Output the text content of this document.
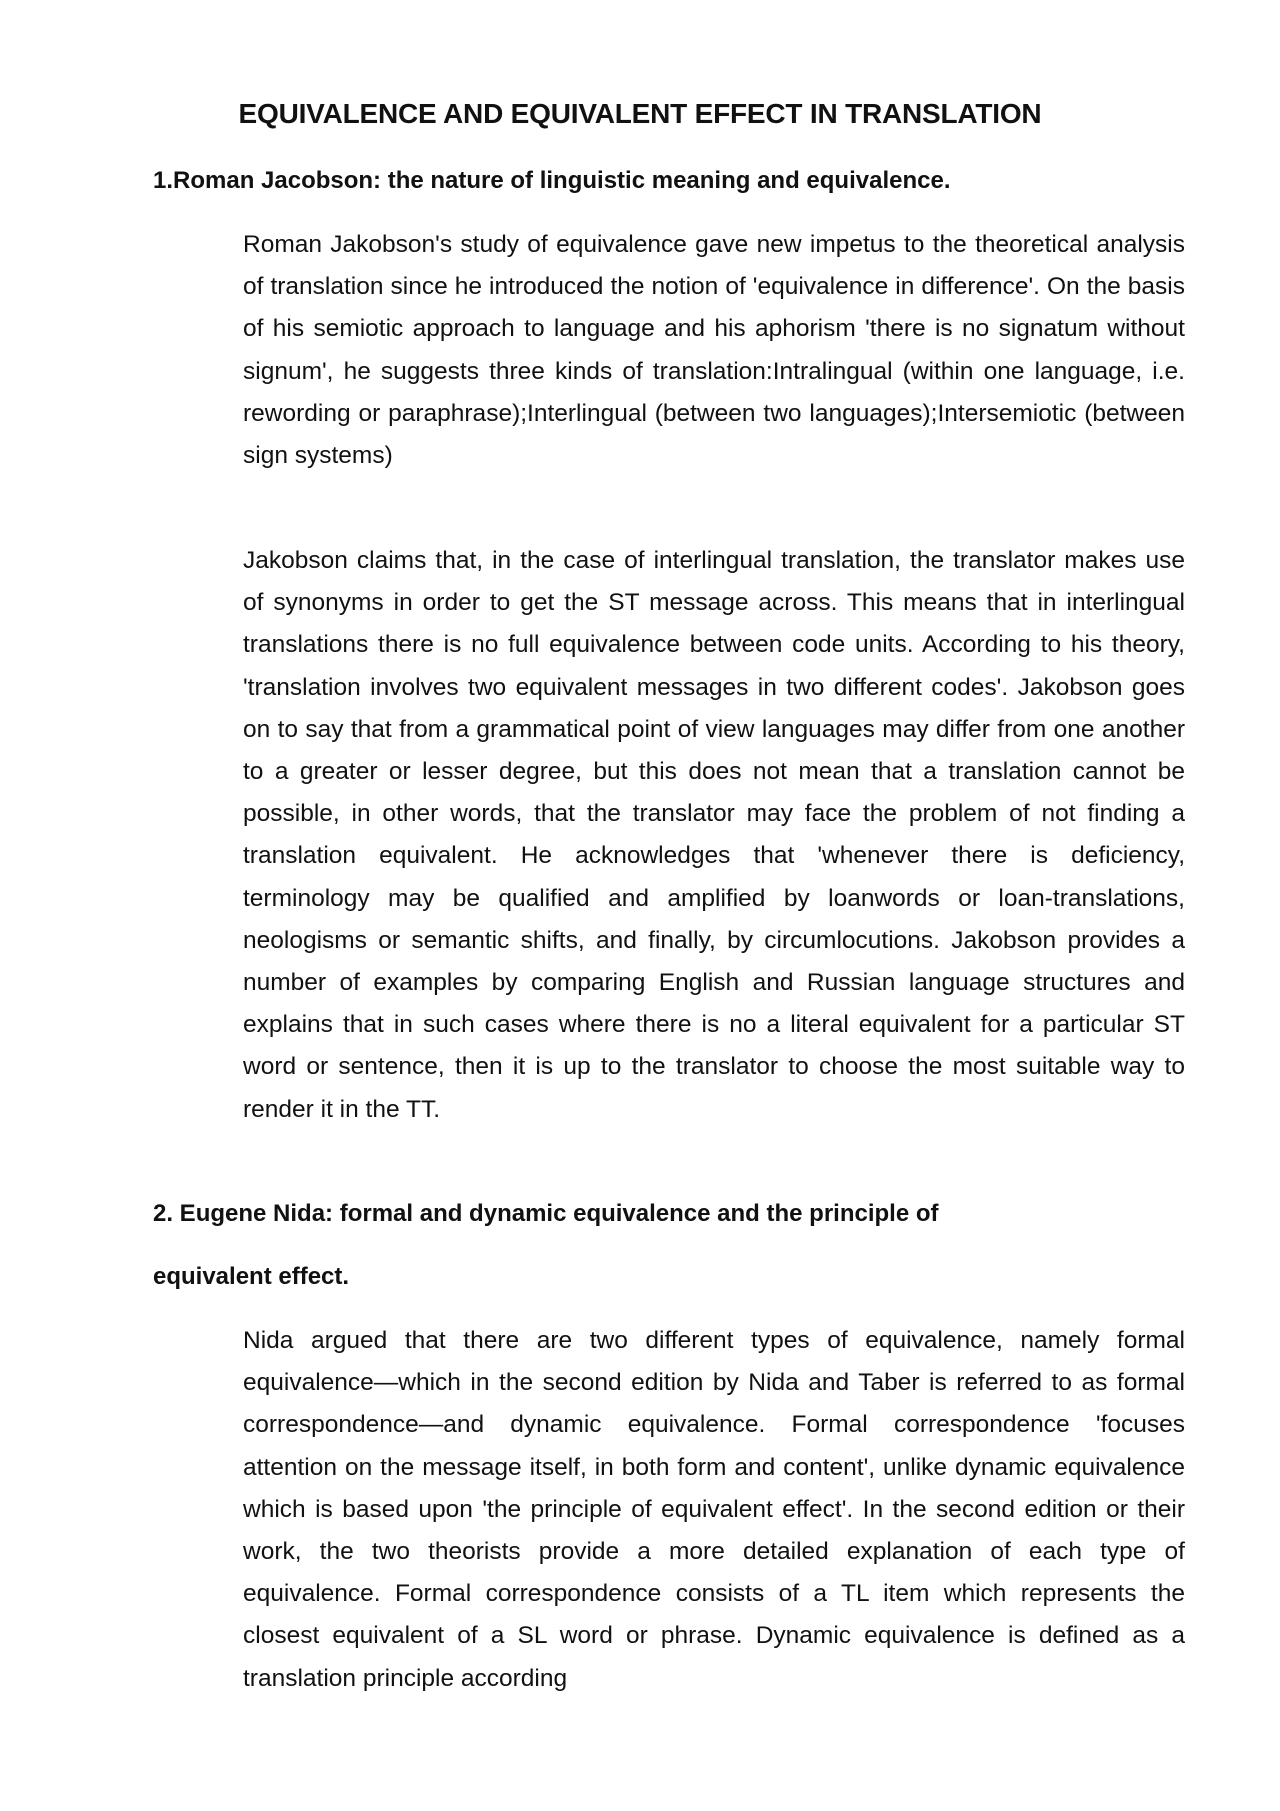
EQUIVALENCE AND EQUIVALENT EFFECT IN TRANSLATION
1.Roman Jacobson: the nature of linguistic meaning and equivalence.

Roman Jakobson's study of equivalence gave new impetus to the theoretical analysis of translation since he introduced the notion of 'equivalence in difference'. On the basis of his semiotic approach to language and his aphorism 'there is no signatum without signum', he suggests three kinds of translation:Intralingual (within one language, i.e. rewording or paraphrase);Interlingual (between two languages);Intersemiotic (between sign systems)

Jakobson claims that, in the case of interlingual translation, the translator makes use of synonyms in order to get the ST message across. This means that in interlingual translations there is no full equivalence between code units. According to his theory, 'translation involves two equivalent messages in two different codes'. Jakobson goes on to say that from a grammatical point of view languages may differ from one another to a greater or lesser degree, but this does not mean that a translation cannot be possible, in other words, that the translator may face the problem of not finding a translation equivalent. He acknowledges that 'whenever there is deficiency, terminology may be qualified and amplified by loanwords or loan-translations, neologisms or semantic shifts, and finally, by circumlocutions. Jakobson provides a number of examples by comparing English and Russian language structures and explains that in such cases where there is no a literal equivalent for a particular ST word or sentence, then it is up to the translator to choose the most suitable way to render it in the TT.

2. Eugene Nida: formal and dynamic equivalence and the principle of
equivalent effect.

Nida argued that there are two different types of equivalence, namely formal equivalence—which in the second edition by Nida and Taber is referred to as formal correspondence—and dynamic equivalence. Formal correspondence 'focuses attention on the message itself, in both form and content', unlike dynamic equivalence which is based upon 'the principle of equivalent effect'. In the second edition or their work, the two theorists provide a more detailed explanation of each type of equivalence. Formal correspondence consists of a TL item which represents the closest equivalent of a SL word or phrase. Dynamic equivalence is defined as a translation principle according
